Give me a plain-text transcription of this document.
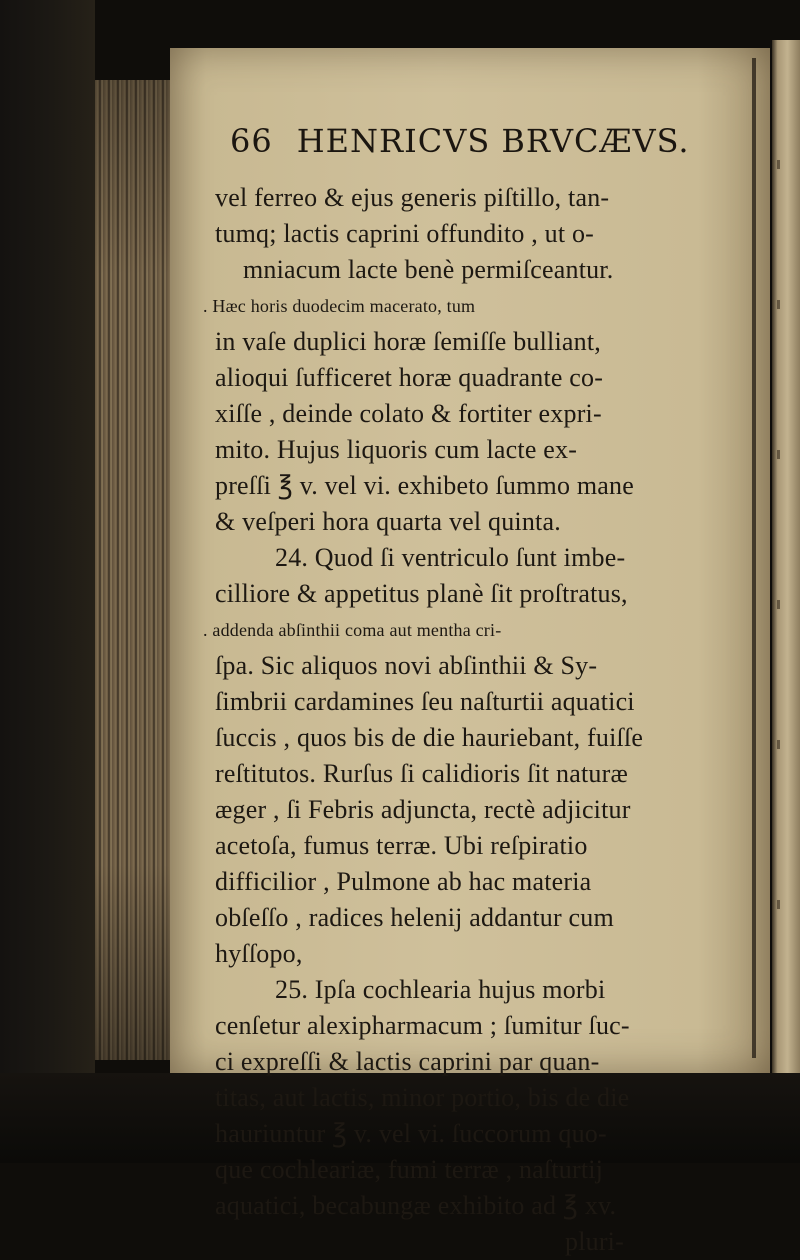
66 HENRICVS BRVCÆVS.
vel ferreo & ejus generis piſtillo, tan-
tumq; lactis caprini offundito , ut o-
mniacum lacte benè permiſceantur.
. Hæc horis duodecim macerato, tum
in vaſe duplici horæ ſemiſſe bulliant,
alioqui ſufficeret horæ quadrante co-
xiſſe , deinde colato & fortiter expri-
mito. Hujus liquoris cum lacte ex-
preſſi ℥ v. vel vi. exhibeto ſummo mane
& veſperi hora quarta vel quinta.
24. Quod ſi ventriculo ſunt imbe-
cilliore & appetitus planè ſit proſtratus,
. addenda abſinthii coma aut mentha cri-
ſpa. Sic aliquos novi abſinthii & Sy-
ſimbrii cardamines ſeu naſturtii aquatici
ſuccis , quos bis de die hauriebant, fuiſſe
reſtitutos. Rurſus ſi calidioris ſit naturæ
æger , ſi Febris adjuncta, rectè adjicitur
acetoſa, fumus terræ. Ubi reſpiratio
difficilior , Pulmone ab hac materia
obſeſſo , radices helenij addantur cum
hyſſopo,
25. Ipſa cochlearia hujus morbi
cenſetur alexipharmacum ; ſumitur ſuc-
ci expreſſi & lactis caprini par quan-
titas, aut lactis, minor portio, bis de die
hauriuntur ℥ v. vel vi. ſuccorum quo-
que cochleariæ, fumi terræ , naſturtij
aquatici, becabungæ exhibito ad ℥ xv.
pluri-
